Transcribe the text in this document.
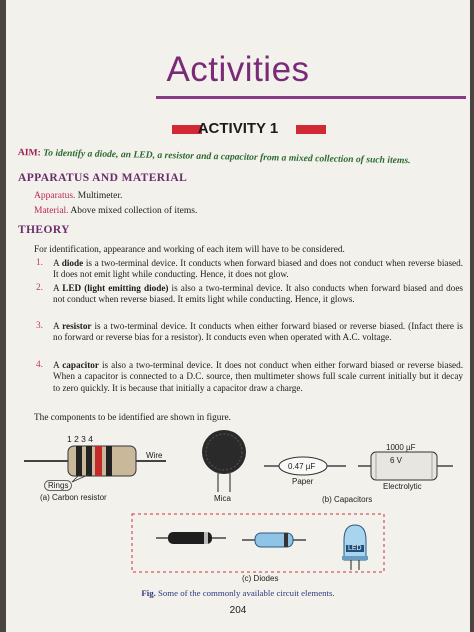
Activities
ACTIVITY 1
AIM: To identify a diode, an LED, a resistor and a capacitor from a mixed collection of such items.
APPARATUS AND MATERIAL
Apparatus. Multimeter.
Material. Above mixed collection of items.
THEORY
For identification, appearance and working of each item will have to be considered.
1. A diode is a two-terminal device. It conducts when forward biased and does not conduct when reverse biased. It does not emit light while conducting. Hence, it does not glow.
2. A LED (light emitting diode) is also a two-terminal device. It also conducts when forward biased and does not conduct when reverse biased. It emits light while conducting. Hence, it glows.
3. A resistor is a two-terminal device. It conducts when either forward biased or reverse biased. (Infact there is no forward or reverse bias for a resistor). It conducts even when operated with A.C. voltage.
4. A capacitor is also a two-terminal device. It does not conduct when either forward biased or reverse biased. When a capacitor is connected to a D.C. source, then multimeter shows full scale current initially but it decay to zero quickly. It is because that initially a capacitor draw a charge.
The components to be identified are shown in figure.
1 2 3 4
Wire
Rings
(a) Carbon resistor	Mica
0.47 µF
Paper
1000 µF
6 V
Electrolytic
(b) Capacitors
LED
(c) Diodes
Fig. Some of the commonly available circuit elements.
204
